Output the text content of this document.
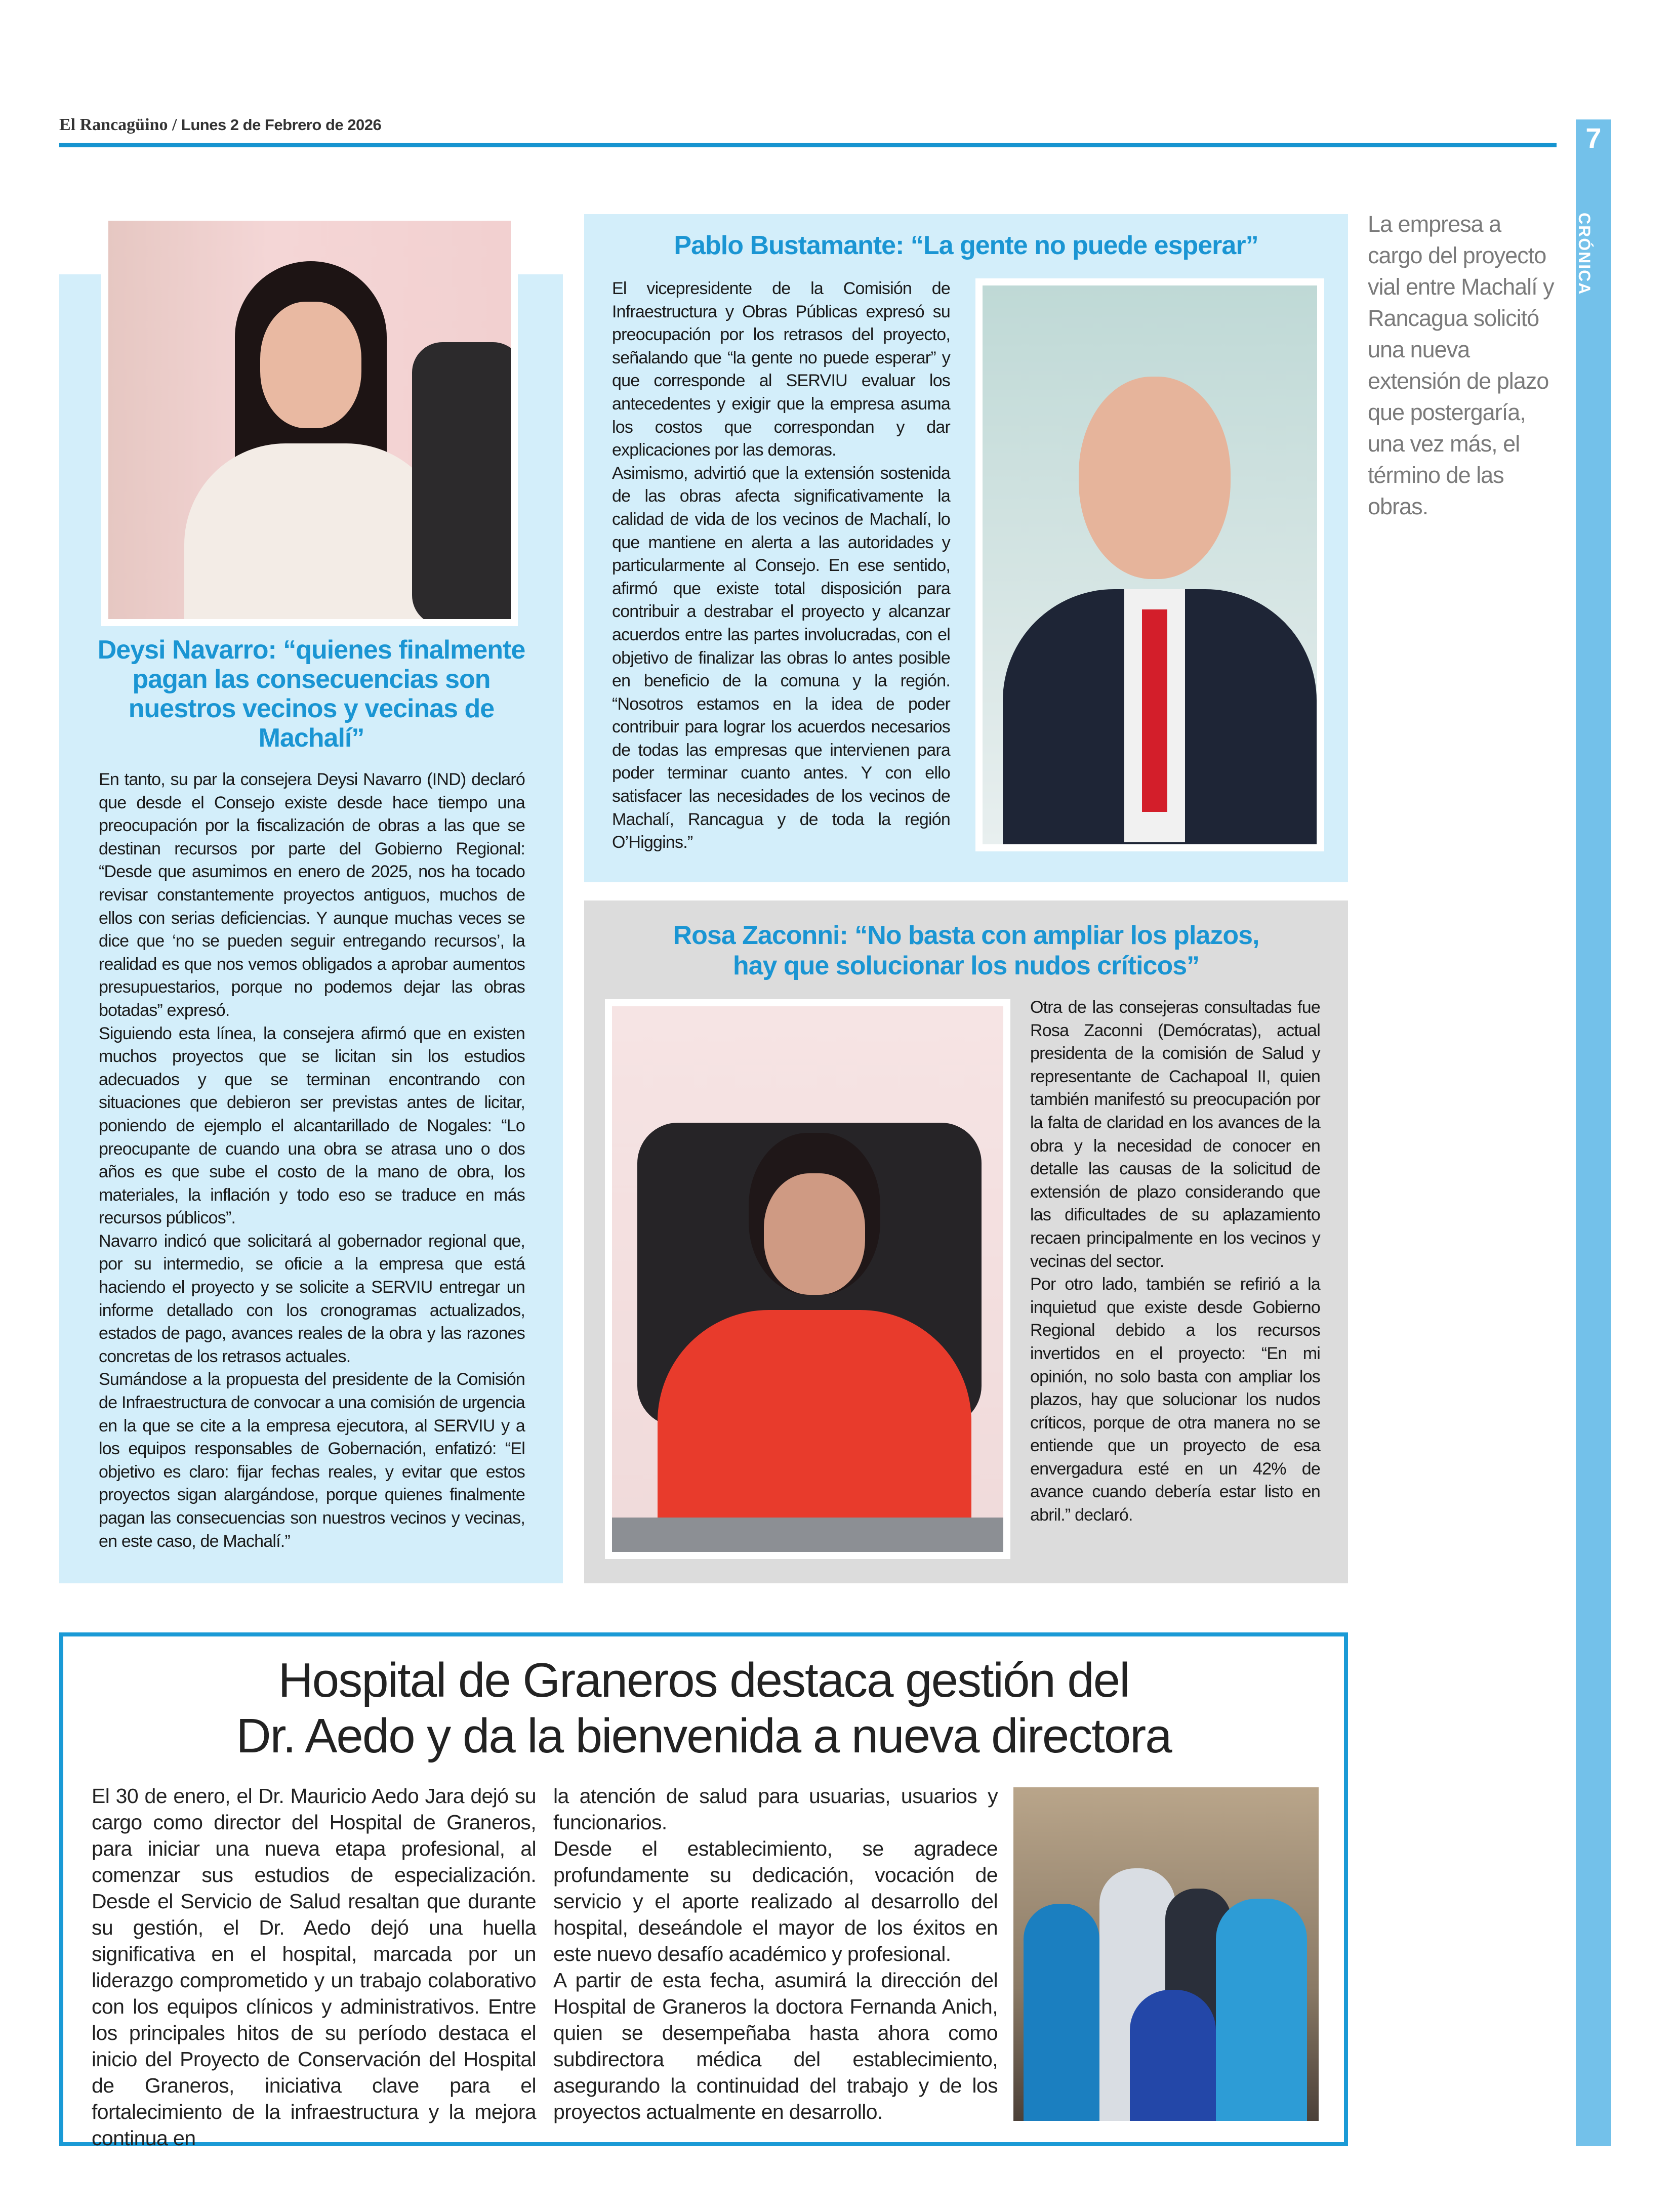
El Rancagüino / Lunes 2 de Febrero de 2026	7
CRÓNICA
Deysi Navarro: “quienes finalmente pagan las consecuencias son nuestros vecinos y vecinas de Machalí”

En tanto, su par la consejera Deysi Navarro (IND) declaró que desde el Consejo existe desde hace tiempo una preocupación por la fiscalización de obras a las que se destinan recursos por parte del Gobierno Regional: “Desde que asumimos en enero de 2025, nos ha tocado revisar constantemente proyectos antiguos, muchos de ellos con serias deficiencias. Y aunque muchas veces se dice que ‘no se pueden seguir entregando recursos’, la realidad es que nos vemos obligados a aprobar aumentos presupuestarios, porque no podemos dejar las obras botadas” expresó.

Siguiendo esta línea, la consejera afirmó que en existen muchos proyectos que se licitan sin los estudios adecuados y que se terminan encontrando con situaciones que debieron ser previstas antes de licitar, poniendo de ejemplo el alcantarillado de Nogales: “Lo preocupante de cuando una obra se atrasa uno o dos años es que sube el costo de la mano de obra, los materiales, la inflación y todo eso se traduce en más recursos públicos”.

Navarro indicó que solicitará al gobernador regional que, por su intermedio, se oficie a la empresa que está haciendo el proyecto y se solicite a SERVIU entregar un informe detallado con los cronogramas actualizados, estados de pago, avances reales de la obra y las razones concretas de los retrasos actuales.

Sumándose a la propuesta del presidente de la Comisión de Infraestructura de convocar a una comisión de urgencia en la que se cite a la empresa ejecutora, al SERVIU y a los equipos responsables de Gobernación, enfatizó: “El objetivo es claro: fijar fechas reales, y evitar que estos proyectos sigan alargándose, porque quienes finalmente pagan las consecuencias son nuestros vecinos y vecinas, en este caso, de Machalí.”

Pablo Bustamante: “La gente no puede esperar”

El vicepresidente de la Comisión de Infraestructura y Obras Públicas expresó su preocupación por los retrasos del proyecto, señalando que “la gente no puede esperar” y que corresponde al SERVIU evaluar los antecedentes y exigir que la empresa asuma los costos que correspondan y dar explicaciones por las demoras.

Asimismo, advirtió que la extensión sostenida de las obras afecta significativamente la calidad de vida de los vecinos de Machalí, lo que mantiene en alerta a las autoridades y particularmente al Consejo. En ese sentido, afirmó que existe total disposición para contribuir a destrabar el proyecto y alcanzar acuerdos entre las partes involucradas, con el objetivo de finalizar las obras lo antes posible en beneficio de la comuna y la región. “Nosotros estamos en la idea de poder contribuir para lograr los acuerdos necesarios de todas las empresas que intervienen para poder terminar cuanto antes. Y con ello satisfacer las necesidades de los vecinos de Machalí, Rancagua y de toda la región O’Higgins.”

Rosa Zaconni: “No basta con ampliar los plazos,
hay que solucionar los nudos críticos”

Otra de las consejeras consultadas fue Rosa Zaconni (Demócratas), actual presidenta de la comisión de Salud y representante de Cachapoal II, quien también manifestó su preocupación por la falta de claridad en los avances de la obra y la necesidad de conocer en detalle las causas de la solicitud de extensión de plazo considerando que las dificultades de su aplazamiento recaen principalmente en los vecinos y vecinas del sector.

Por otro lado, también se refirió a la inquietud que existe desde Gobierno Regional debido a los recursos invertidos en el proyecto: “En mi opinión, no solo basta con ampliar los plazos, hay que solucionar los nudos críticos, porque de otra manera no se entiende que un proyecto de esa envergadura esté en un 42% de avance cuando debería estar listo en abril.” declaró.

La empresa a cargo del proyecto vial entre Machalí y Rancagua solicitó una nueva extensión de plazo que postergaría, una vez más, el término de las obras.
Hospital de Graneros destaca gestión del
Dr. Aedo y da la bienvenida a nueva directora
El 30 de enero, el Dr. Mauricio Aedo Jara dejó su cargo como director del Hospital de Graneros, para iniciar una nueva etapa profesional, al comenzar sus estudios de especialización. Desde el Servicio de Salud resaltan que durante su gestión, el Dr. Aedo dejó una huella significativa en el hospital, marcada por un liderazgo comprometido y un trabajo colaborativo con los equipos clínicos y administrativos. Entre los principales hitos de su período destaca el inicio del Proyecto de Conservación del Hospital de Graneros, iniciativa clave para el fortalecimiento de la infraestructura y la mejora continua en

la atención de salud para usuarias, usuarios y funcionarios.

Desde el establecimiento, se agradece profundamente su dedicación, vocación de servicio y el aporte realizado al desarrollo del hospital, deseándole el mayor de los éxitos en este nuevo desafío académico y profesional.

A partir de esta fecha, asumirá la dirección del Hospital de Graneros la doctora Fernanda Anich, quien se desempeñaba hasta ahora como subdirectora médica del establecimiento, asegurando la continuidad del trabajo y de los proyectos actualmente en desarrollo.
